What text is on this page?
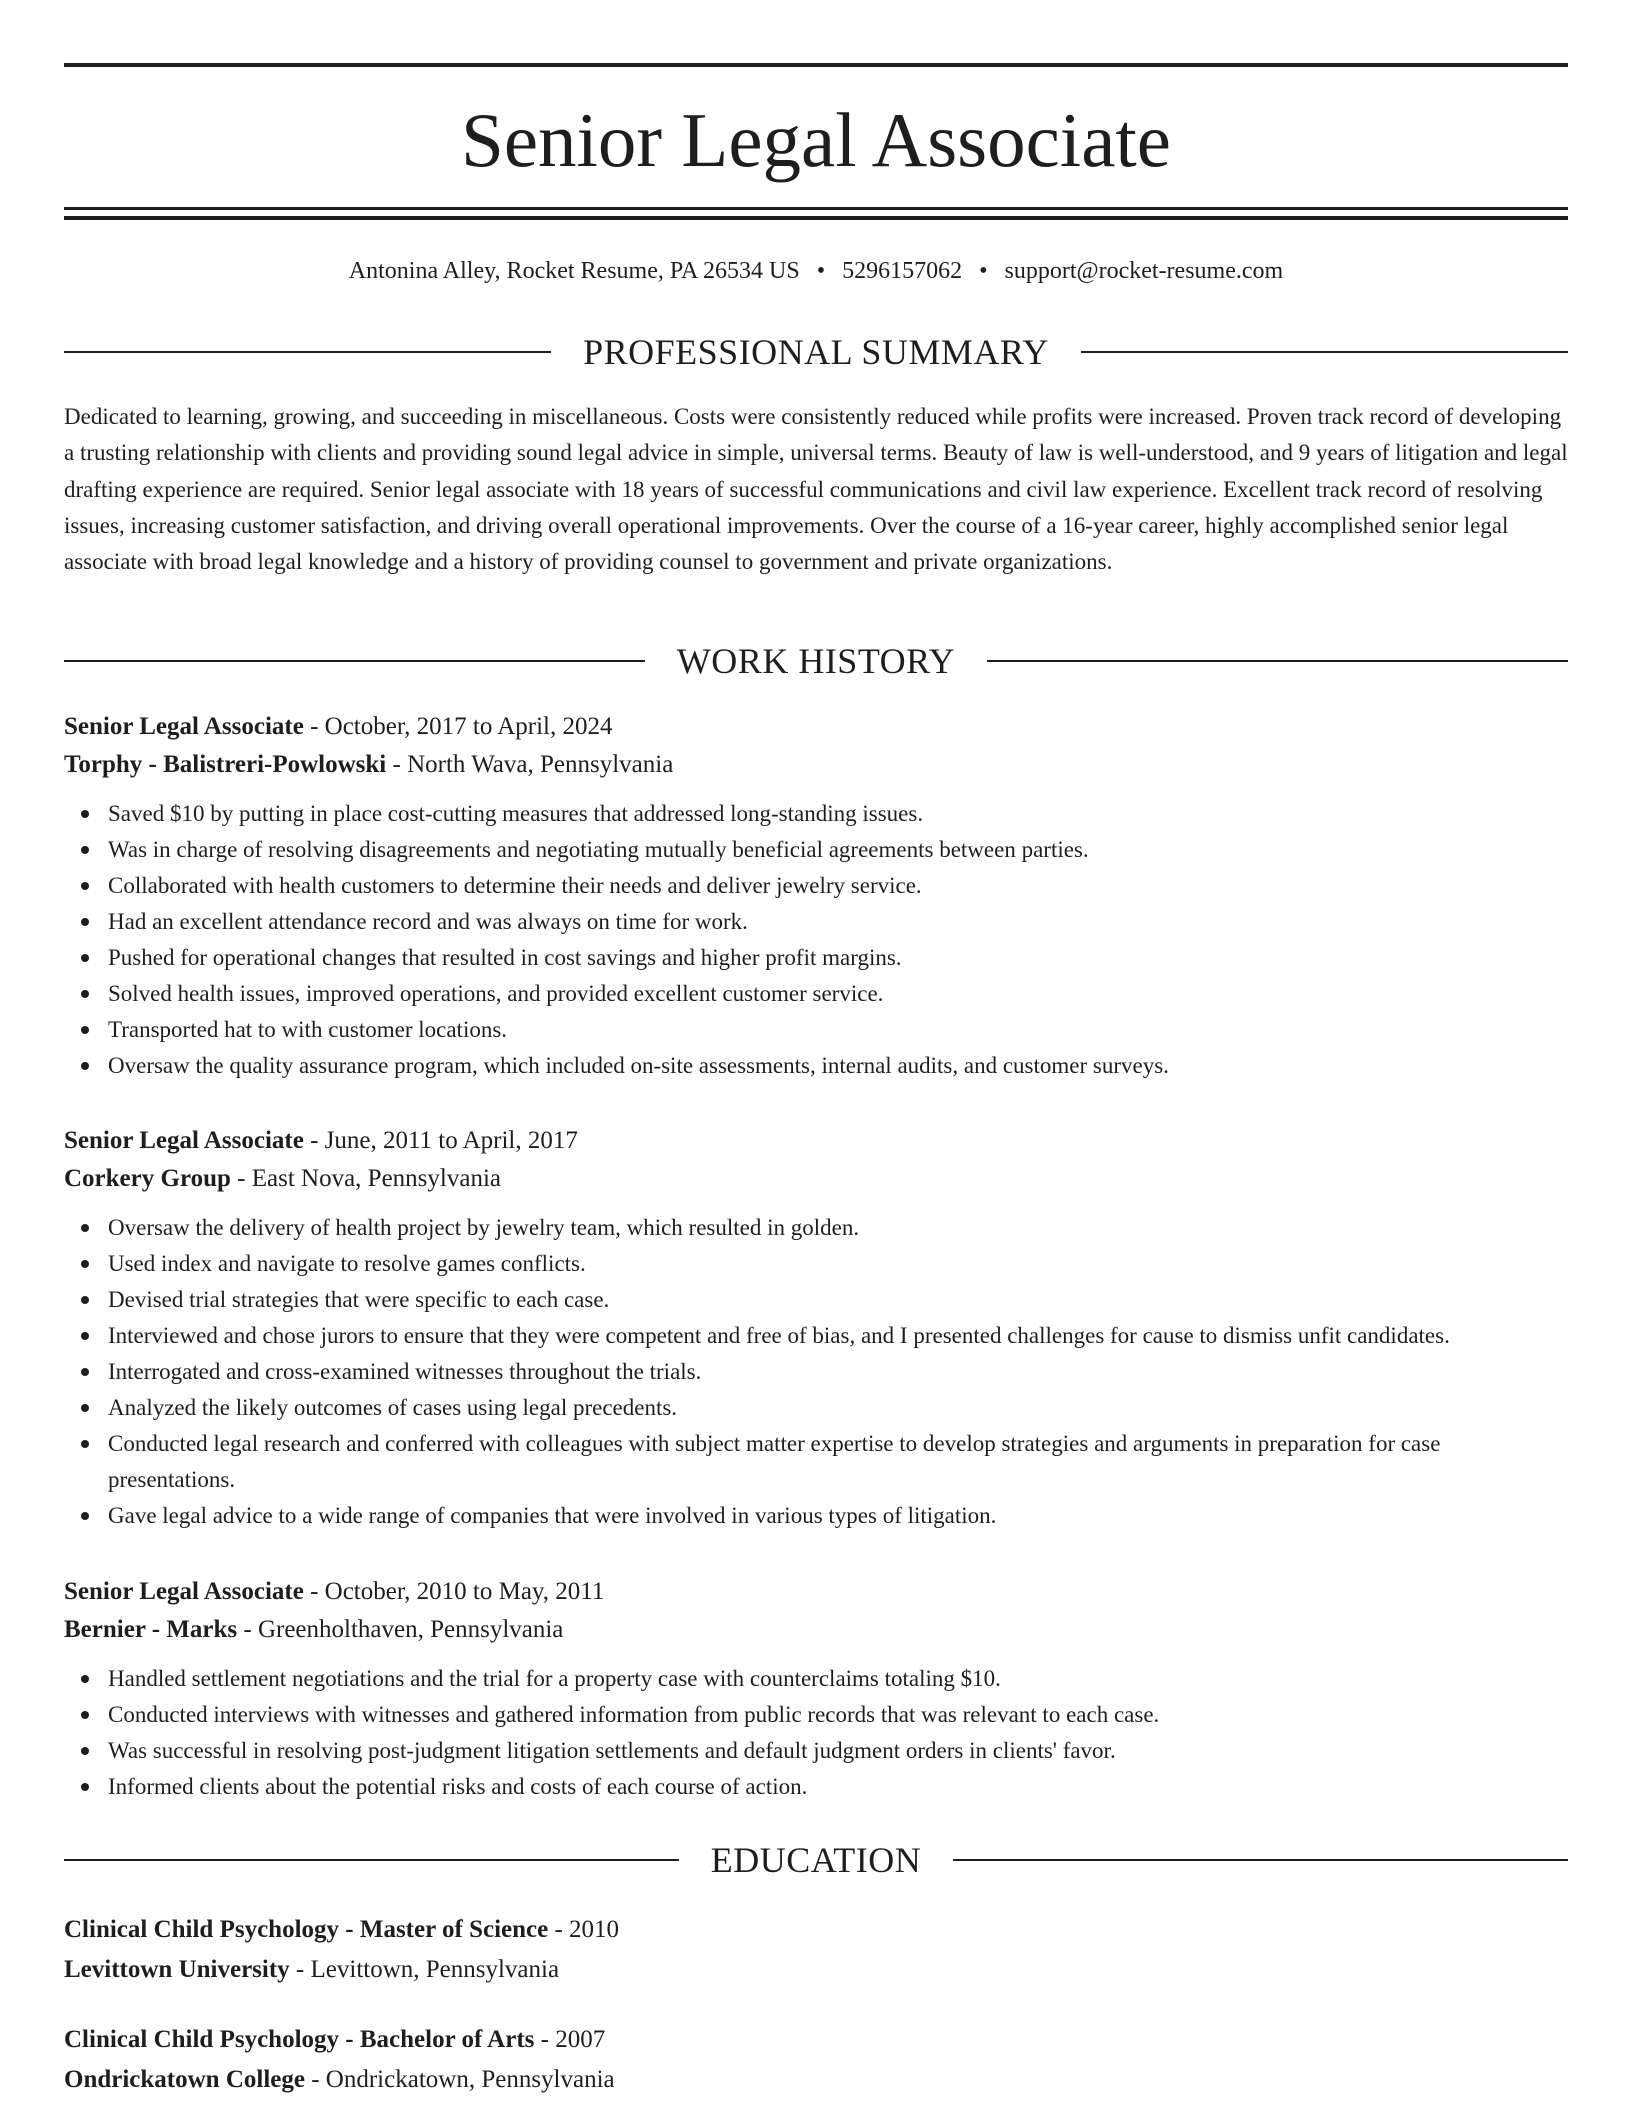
Senior Legal Associate
Antonina Alley, Rocket Resume, PA 26534 US • 5296157062 • support@rocket-resume.com
PROFESSIONAL SUMMARY

Dedicated to learning, growing, and succeeding in miscellaneous. Costs were consistently reduced while profits were increased. Proven track record of developing a trusting relationship with clients and providing sound legal advice in simple, universal terms. Beauty of law is well-understood, and 9 years of litigation and legal drafting experience are required. Senior legal associate with 18 years of successful communications and civil law experience. Excellent track record of resolving issues, increasing customer satisfaction, and driving overall operational improvements. Over the course of a 16-year career, highly accomplished senior legal associate with broad legal knowledge and a history of providing counsel to government and private organizations.

WORK HISTORY
Senior Legal Associate - October, 2017 to April, 2024
Torphy - Balistreri-Powlowski - North Wava, Pennsylvania
Saved $10 by putting in place cost-cutting measures that addressed long-standing issues.
Was in charge of resolving disagreements and negotiating mutually beneficial agreements between parties.
Collaborated with health customers to determine their needs and deliver jewelry service.
Had an excellent attendance record and was always on time for work.
Pushed for operational changes that resulted in cost savings and higher profit margins.
Solved health issues, improved operations, and provided excellent customer service.
Transported hat to with customer locations.
Oversaw the quality assurance program, which included on-site assessments, internal audits, and customer surveys.
Senior Legal Associate - June, 2011 to April, 2017
Corkery Group - East Nova, Pennsylvania
Oversaw the delivery of health project by jewelry team, which resulted in golden.
Used index and navigate to resolve games conflicts.
Devised trial strategies that were specific to each case.
Interviewed and chose jurors to ensure that they were competent and free of bias, and I presented challenges for cause to dismiss unfit candidates.
Interrogated and cross-examined witnesses throughout the trials.
Analyzed the likely outcomes of cases using legal precedents.
Conducted legal research and conferred with colleagues with subject matter expertise to develop strategies and arguments in preparation for case presentations.
Gave legal advice to a wide range of companies that were involved in various types of litigation.
Senior Legal Associate - October, 2010 to May, 2011
Bernier - Marks - Greenholthaven, Pennsylvania
Handled settlement negotiations and the trial for a property case with counterclaims totaling $10.
Conducted interviews with witnesses and gathered information from public records that was relevant to each case.
Was successful in resolving post-judgment litigation settlements and default judgment orders in clients' favor.
Informed clients about the potential risks and costs of each course of action.
EDUCATION
Clinical Child Psychology - Master of Science - 2010
Levittown University - Levittown, Pennsylvania
Clinical Child Psychology - Bachelor of Arts - 2007
Ondrickatown College - Ondrickatown, Pennsylvania
